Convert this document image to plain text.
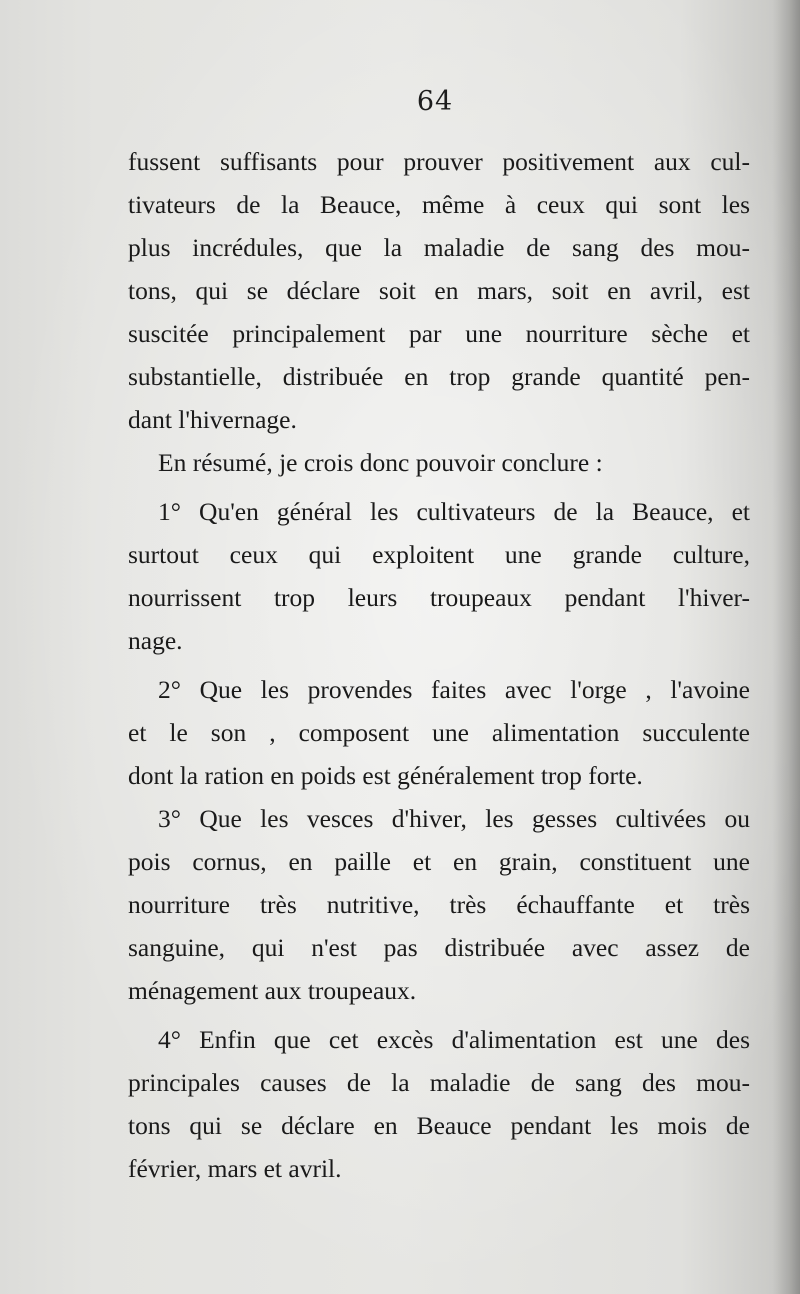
64

fussent suffisants pour prouver positivement aux cul-
tivateurs de la Beauce, même à ceux qui sont les
plus incrédules, que la maladie de sang des mou-
tons, qui se déclare soit en mars, soit en avril, est
suscitée principalement par une nourriture sèche et
substantielle, distribuée en trop grande quantité pen-
dant l'hivernage.

En résumé, je crois donc pouvoir conclure :

1° Qu'en général les cultivateurs de la Beauce, et
surtout ceux qui exploitent une grande culture,
nourrissent trop leurs troupeaux pendant l'hiver-
nage.

2° Que les provendes faites avec l'orge , l'avoine
et le son , composent une alimentation succulente
dont la ration en poids est généralement trop forte.

3° Que les vesces d'hiver, les gesses cultivées ou
pois cornus, en paille et en grain, constituent une
nourriture très nutritive, très échauffante et très
sanguine, qui n'est pas distribuée avec assez de
ménagement aux troupeaux.

4° Enfin que cet excès d'alimentation est une des
principales causes de la maladie de sang des mou-
tons qui se déclare en Beauce pendant les mois de
février, mars et avril.
